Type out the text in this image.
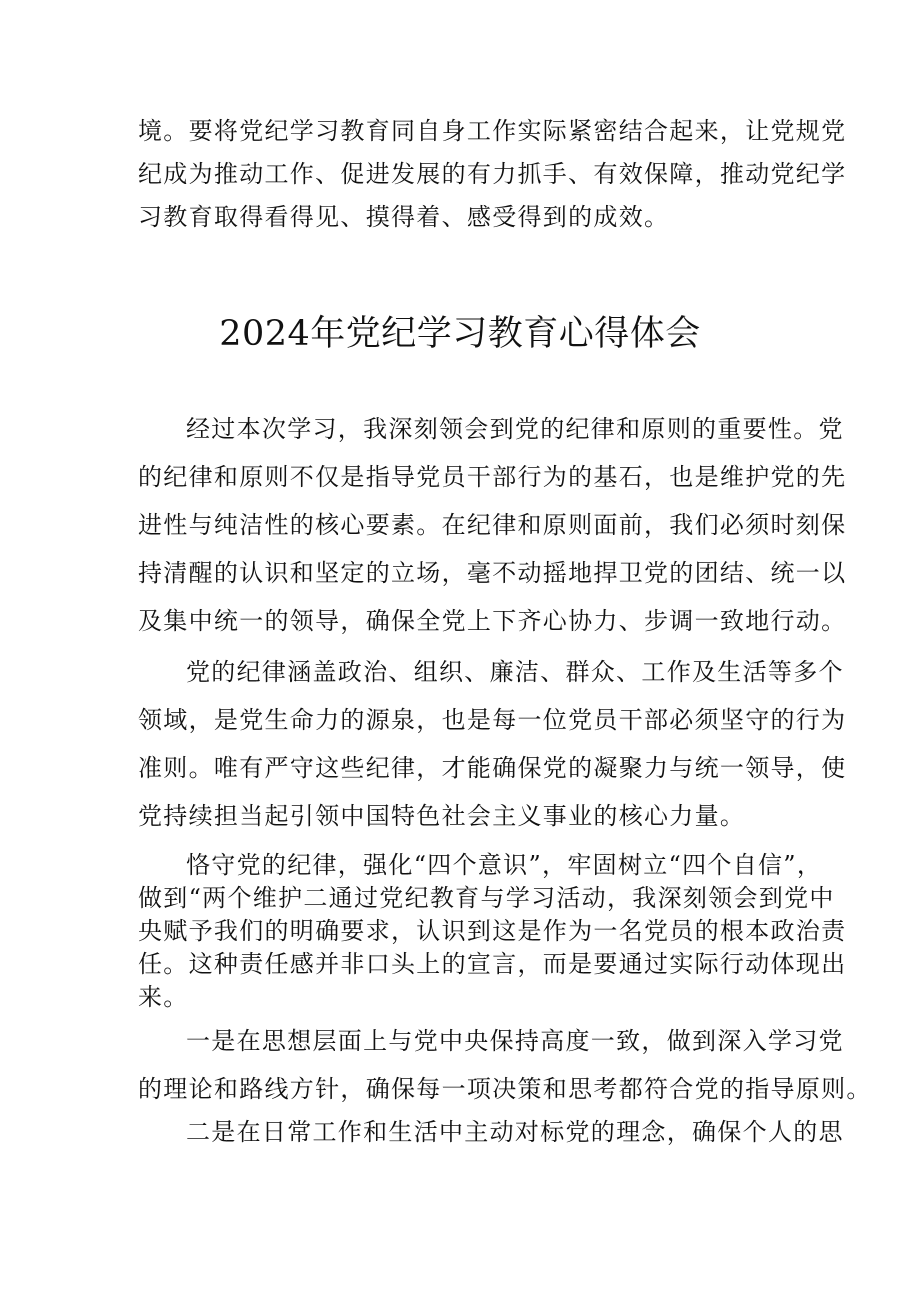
境。要将党纪学习教育同自身工作实际紧密结合起来，让党规党
纪成为推动工作、促进发展的有力抓手、有效保障，推动党纪学
习教育取得看得见、摸得着、感受得到的成效。
2024年党纪学习教育心得体会
经过本次学习，我深刻领会到党的纪律和原则的重要性。党
的纪律和原则不仅是指导党员干部行为的基石，也是维护党的先
进性与纯洁性的核心要素。在纪律和原则面前，我们必须时刻保
持清醒的认识和坚定的立场，毫不动摇地捍卫党的团结、统一以
及集中统一的领导，确保全党上下齐心协力、步调一致地行动。
党的纪律涵盖政治、组织、廉洁、群众、工作及生活等多个
领域，是党生命力的源泉，也是每一位党员干部必须坚守的行为
准则。唯有严守这些纪律，才能确保党的凝聚力与统一领导，使
党持续担当起引领中国特色社会主义事业的核心力量。
恪守党的纪律，强化“四个意识”，牢固树立“四个自信”，
做到“两个维护二通过党纪教育与学习活动，我深刻领会到党中
央赋予我们的明确要求，认识到这是作为一名党员的根本政治责
任。这种责任感并非口头上的宣言，而是要通过实际行动体现出
来。
一是在思想层面上与党中央保持高度一致，做到深入学习党
的理论和路线方针，确保每一项决策和思考都符合党的指导原则。
二是在日常工作和生活中主动对标党的理念，确保个人的思
